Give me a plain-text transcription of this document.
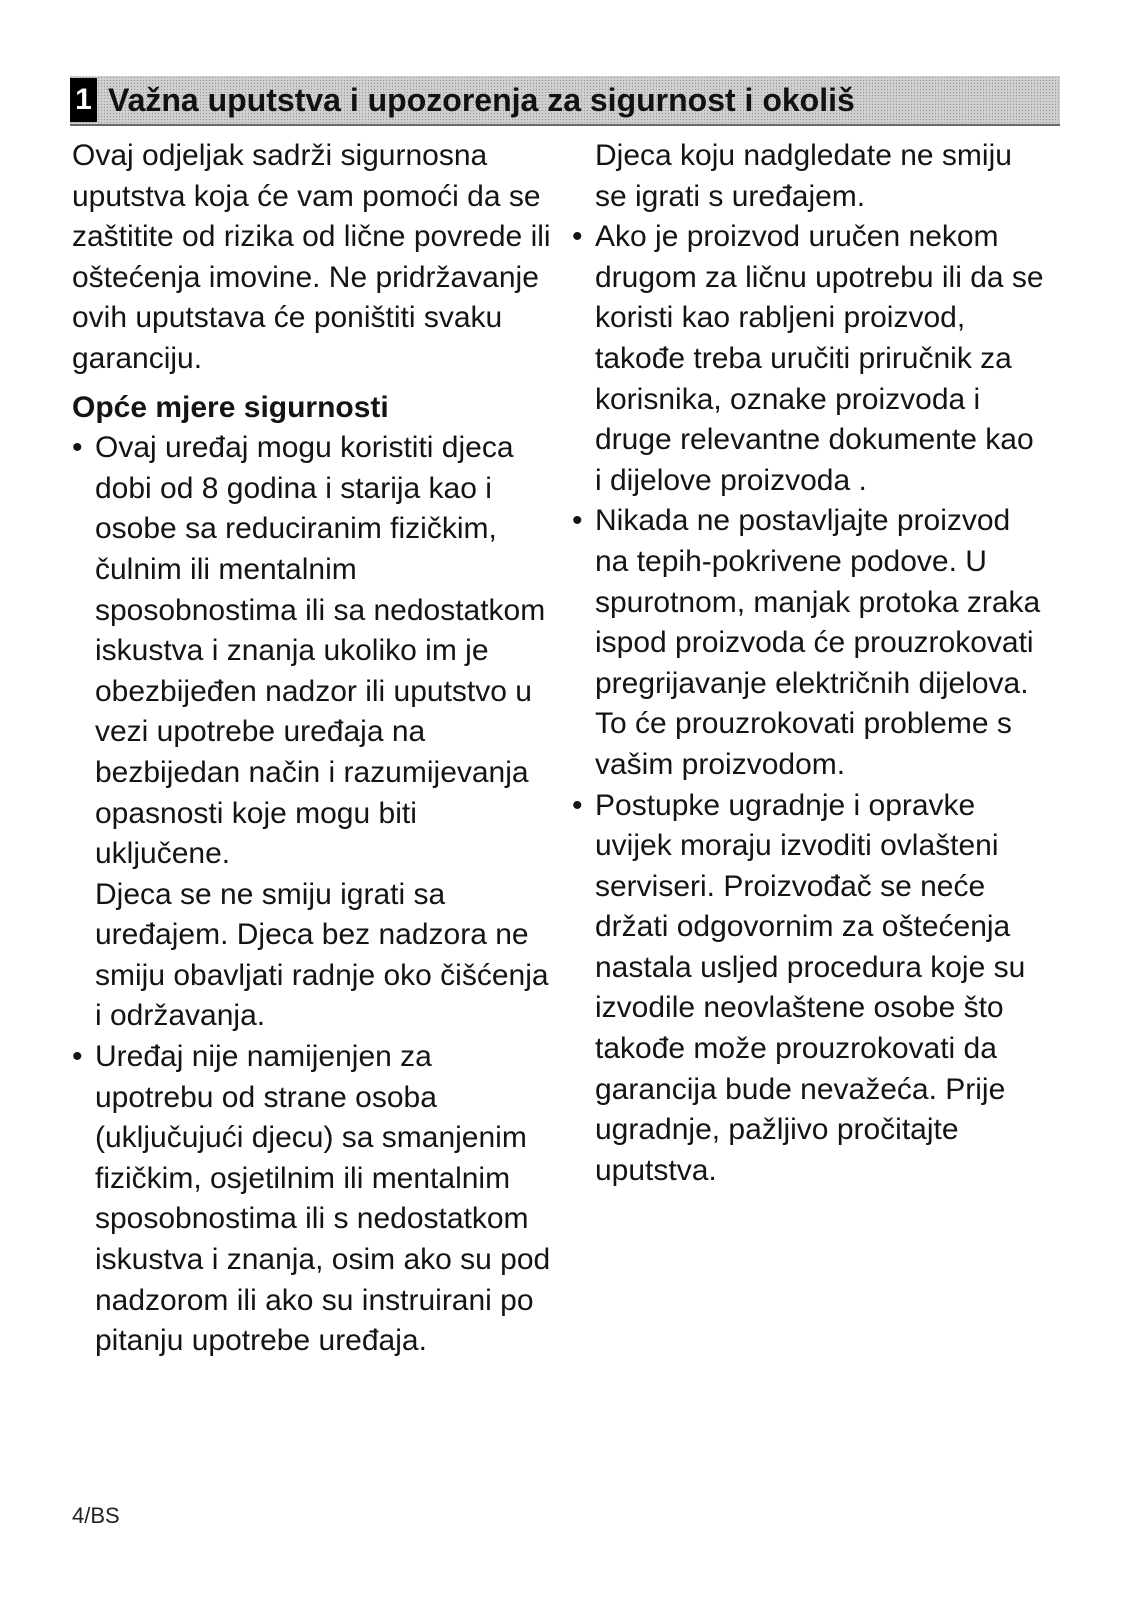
1 Važna uputstva i upozorenja za sigurnost i okoliš

Ovaj odjeljak sadrži sigurnosna uputstva koja će vam pomoći da se zaštitite od rizika od lične povrede ili oštećenja imovine. Ne pridržavanje ovih uputstava će poništiti svaku garanciju.

Opće mjere sigurnosti

• Ovaj uređaj mogu koristiti djeca dobi od 8 godina i starija kao i osobe sa reduciranim fizičkim, čulnim ili mentalnim sposobnostima ili sa nedostatkom iskustva i znanja ukoliko im je obezbijeđen nadzor ili uputstvo u vezi upotrebe uređaja na bezbijedan način i razumijevanja opasnosti koje mogu biti uključene.

Djeca se ne smiju igrati sa uređajem. Djeca bez nadzora ne smiju obavljati radnje oko čišćenja i održavanja.

• Uređaj nije namijenjen za upotrebu od strane osoba (uključujući djecu) sa smanjenim fizičkim, osjetilnim ili mentalnim sposobnostima ili s nedostatkom iskustva i znanja, osim ako su pod nadzorom ili ako su instruirani po pitanju upotrebe uređaja.

Djeca koju nadgledate ne smiju se igrati s uređajem.

• Ako je proizvod uručen nekom drugom za ličnu upotrebu ili da se koristi kao rabljeni proizvod, takođe treba uručiti priručnik za korisnika, oznake proizvoda i druge relevantne dokumente kao i dijelove proizvoda .
• Nikada ne postavljajte proizvod na tepih-pokrivene podove. U spurotnom, manjak protoka zraka ispod proizvoda će prouzrokovati pregrijavanje električnih dijelova. To će prouzrokovati probleme s vašim proizvodom.
• Postupke ugradnje i opravke uvijek moraju izvoditi ovlašteni serviseri. Proizvođač se neće držati odgovornim za oštećenja nastala usljed procedura koje su izvodile neovlaštene osobe što takođe može prouzrokovati da garancija bude nevažeća. Prije ugradnje, pažljivo pročitajte uputstva.
4/BS
